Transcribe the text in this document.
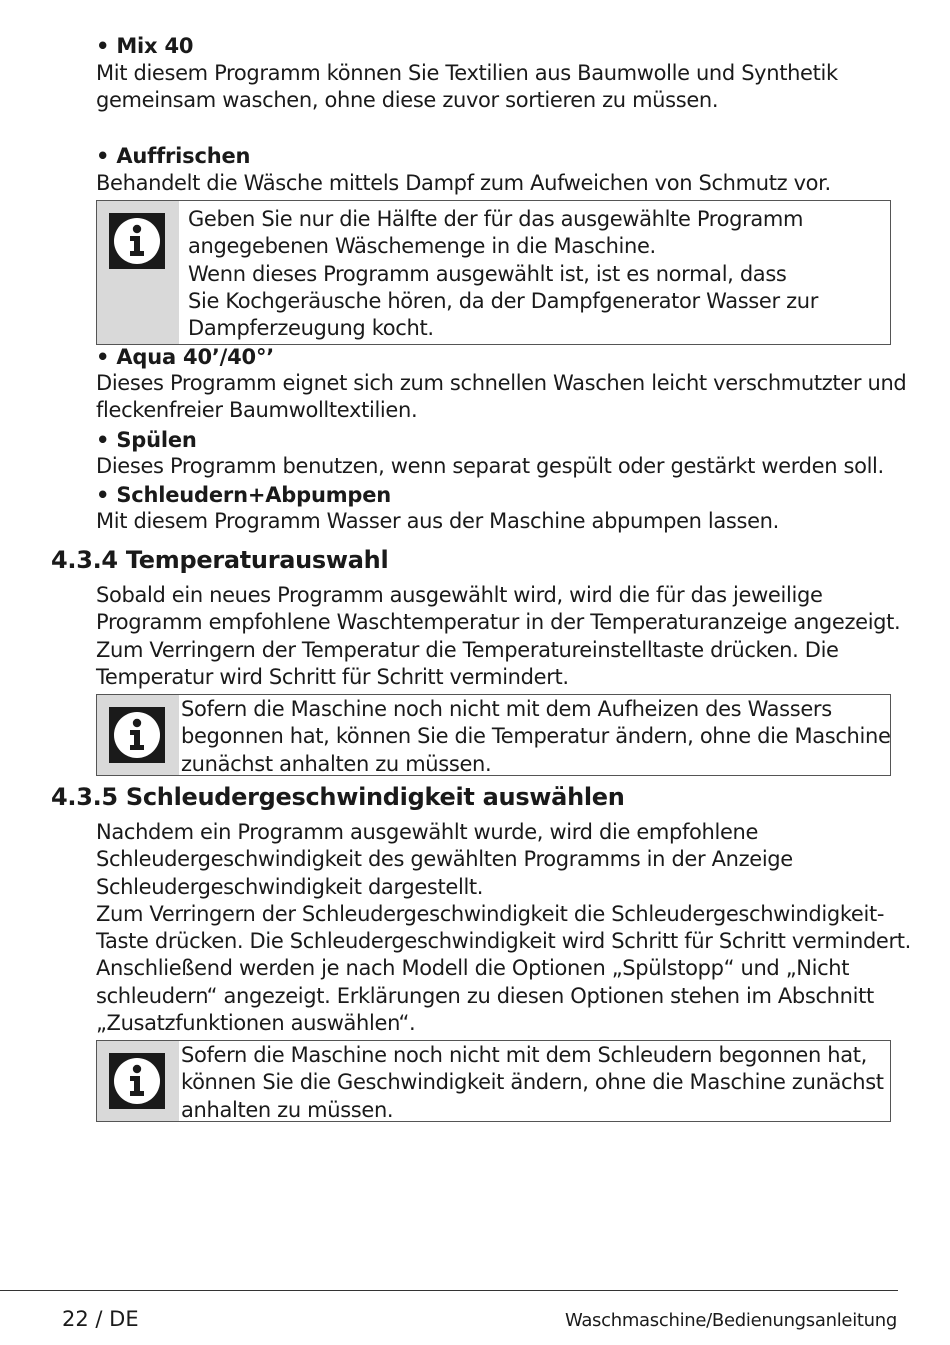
• Mix 40
Mit diesem Programm können Sie Textilien aus Baumwolle und Synthetik
gemeinsam waschen, ohne diese zuvor sortieren zu müssen.
• Auffrischen
Behandelt die Wäsche mittels Dampf zum Aufweichen von Schmutz vor.
Geben Sie nur die Hälfte der für das ausgewählte Programm
angegebenen Wäschemenge in die Maschine.
Wenn dieses Programm ausgewählt ist, ist es normal, dass
Sie Kochgeräusche hören, da der Dampfgenerator Wasser zur
Dampferzeugung kocht.
• Aqua 40’/40°’
Dieses Programm eignet sich zum schnellen Waschen leicht verschmutzter und
fleckenfreier Baumwolltextilien.
• Spülen
Dieses Programm benutzen, wenn separat gespült oder gestärkt werden soll.
• Schleudern+Abpumpen
Mit diesem Programm Wasser aus der Maschine abpumpen lassen.
4.3.4 Temperaturauswahl
Sobald ein neues Programm ausgewählt wird, wird die für das jeweilige
Programm empfohlene Waschtemperatur in der Temperaturanzeige angezeigt.
Zum Verringern der Temperatur die Temperatureinstelltaste drücken. Die
Temperatur wird Schritt für Schritt vermindert.
Sofern die Maschine noch nicht mit dem Aufheizen des Wassers
begonnen hat, können Sie die Temperatur ändern, ohne die Maschine
zunächst anhalten zu müssen.
4.3.5 Schleudergeschwindigkeit auswählen
Nachdem ein Programm ausgewählt wurde, wird die empfohlene
Schleudergeschwindigkeit des gewählten Programms in der Anzeige
Schleudergeschwindigkeit dargestellt.
Zum Verringern der Schleudergeschwindigkeit die Schleudergeschwindigkeit-
Taste drücken. Die Schleudergeschwindigkeit wird Schritt für Schritt vermindert.
Anschließend werden je nach Modell die Optionen „Spülstopp“ und „Nicht
schleudern“ angezeigt. Erklärungen zu diesen Optionen stehen im Abschnitt
„Zusatzfunktionen auswählen“.
Sofern die Maschine noch nicht mit dem Schleudern begonnen hat,
können Sie die Geschwindigkeit ändern, ohne die Maschine zunächst
anhalten zu müssen.
22 / DE	Waschmaschine/Bedienungsanleitung
